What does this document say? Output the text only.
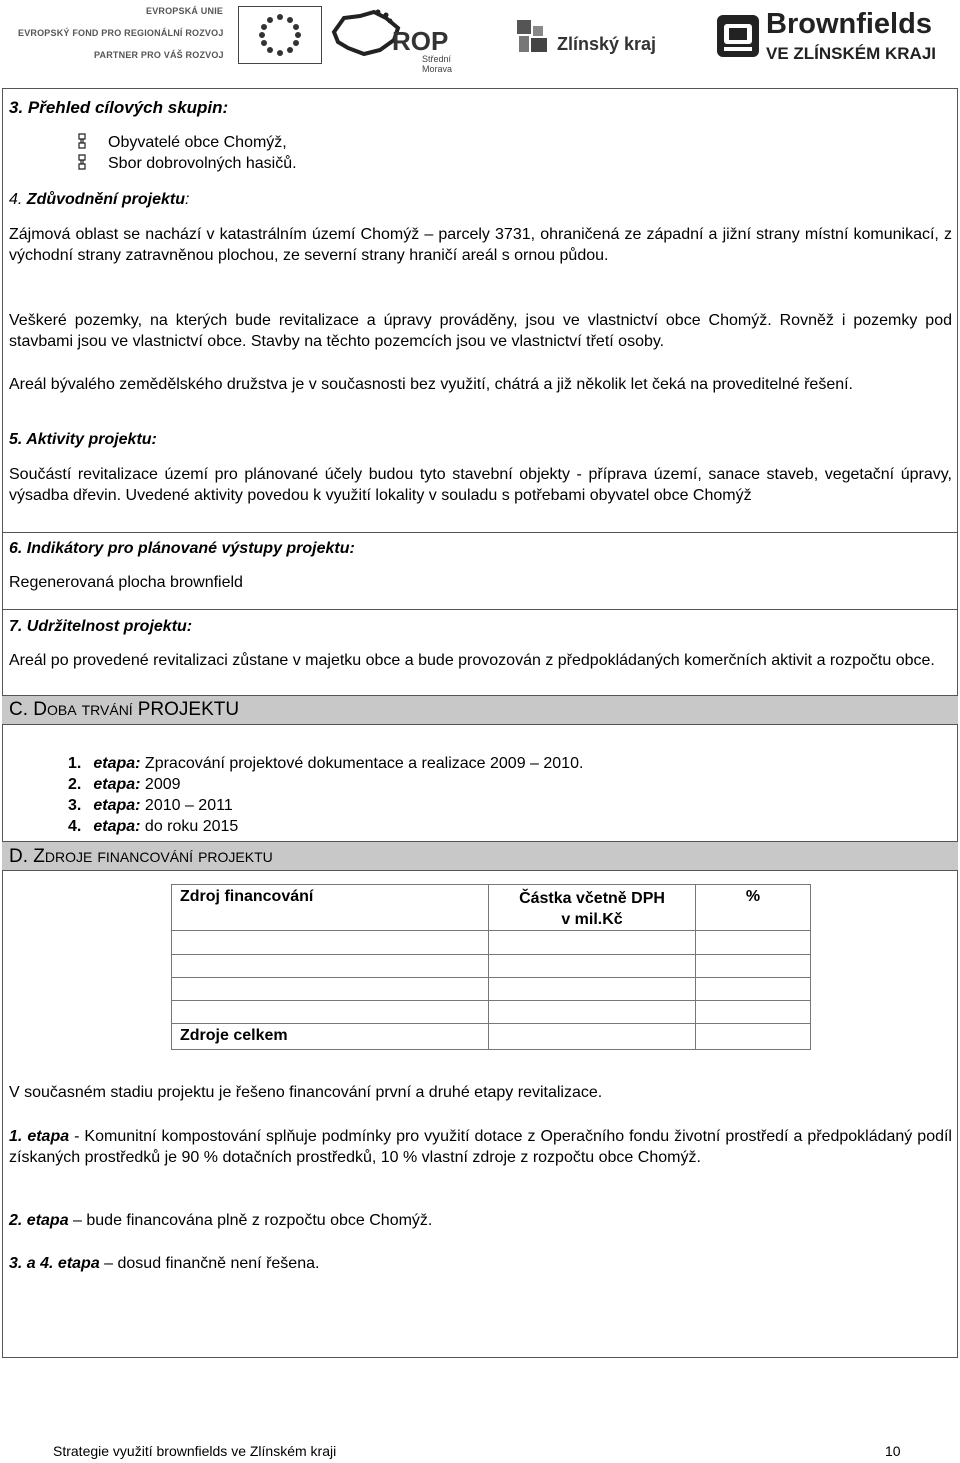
EVROPSKÁ UNIE
EVROPSKÝ FOND PRO REGIONÁLNÍ ROZVOJ
PARTNER PRO VÁŠ ROZVOJ	ROP
Střední Morava
Zlínský kraj
Brownfields
VE ZLÍNSKÉM KRAJI
3. Přehled cílových skupin:
Obyvatelé obce Chomýž,
Sbor dobrovolných hasičů.
4. Zdůvodnění projektu:
Zájmová oblast se nachází v katastrálním území Chomýž – parcely 3731, ohraničená ze západní a jižní strany místní komunikací, z východní strany zatravněnou plochou, ze severní strany hraničí areál s ornou půdou.
Veškeré pozemky, na kterých bude revitalizace a úpravy prováděny, jsou ve vlastnictví obce Chomýž. Rovněž i pozemky pod stavbami jsou ve vlastnictví obce. Stavby na těchto pozemcích jsou ve vlastnictví třetí osoby.
Areál bývalého zemědělského družstva je v současnosti bez využití, chátrá a již několik let čeká na proveditelné řešení.
5. Aktivity projektu:
Součástí revitalizace území pro plánované účely budou tyto stavební objekty - příprava území, sanace staveb, vegetační úpravy, výsadba dřevin. Uvedené aktivity povedou k využití lokality v souladu s potřebami obyvatel obce Chomýž
6. Indikátory pro plánované výstupy projektu:
Regenerovaná plocha brownfield
7. Udržitelnost projektu:
Areál po provedené revitalizaci zůstane v majetku obce a bude provozován z předpokládaných komerčních aktivit a rozpočtu obce.
C. DOBA TRVÁNÍ PROJEKTU
1. etapa: Zpracování projektové dokumentace a realizace 2009 – 2010.
2. etapa: 2009
3. etapa: 2010 – 2011
4. etapa: do roku 2015
D. ZDROJE FINANCOVÁNÍ PROJEKTU
Zdroj financování	Částka včetně DPH
v mil.Kč	%

Zdroje celkem		
V současném stadiu projektu je řešeno financování první a druhé etapy revitalizace.
1. etapa - Komunitní kompostování splňuje podmínky pro využití dotace z Operačního fondu životní prostředí a předpokládaný podíl získaných prostředků je 90 % dotačních prostředků, 10 % vlastní zdroje z rozpočtu obce Chomýž.
2. etapa – bude financována plně z rozpočtu obce Chomýž.
3. a 4. etapa – dosud finančně není řešena.
Strategie využití brownfields ve Zlínském kraji	10
